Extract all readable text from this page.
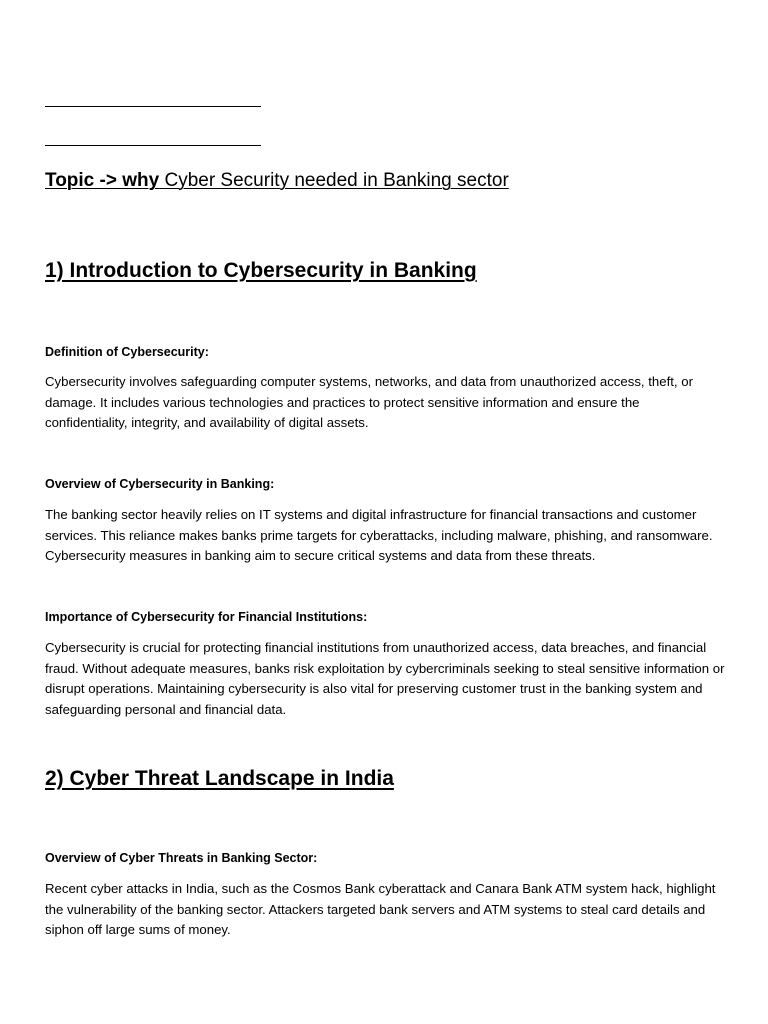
Topic -> why Cyber Security needed in Banking sector
1) Introduction to Cybersecurity in Banking
Definition of Cybersecurity:

Cybersecurity involves safeguarding computer systems, networks, and data from unauthorized access, theft, or damage. It includes various technologies and practices to protect sensitive information and ensure the confidentiality, integrity, and availability of digital assets.

Overview of Cybersecurity in Banking:

The banking sector heavily relies on IT systems and digital infrastructure for financial transactions and customer services. This reliance makes banks prime targets for cyberattacks, including malware, phishing, and ransomware. Cybersecurity measures in banking aim to secure critical systems and data from these threats.

Importance of Cybersecurity for Financial Institutions:

Cybersecurity is crucial for protecting financial institutions from unauthorized access, data breaches, and financial fraud. Without adequate measures, banks risk exploitation by cybercriminals seeking to steal sensitive information or disrupt operations. Maintaining cybersecurity is also vital for preserving customer trust in the banking system and safeguarding personal and financial data.

2) Cyber Threat Landscape in India
Overview of Cyber Threats in Banking Sector:

Recent cyber attacks in India, such as the Cosmos Bank cyberattack and Canara Bank ATM system hack, highlight the vulnerability of the banking sector. Attackers targeted bank servers and ATM systems to steal card details and siphon off large sums of money.
